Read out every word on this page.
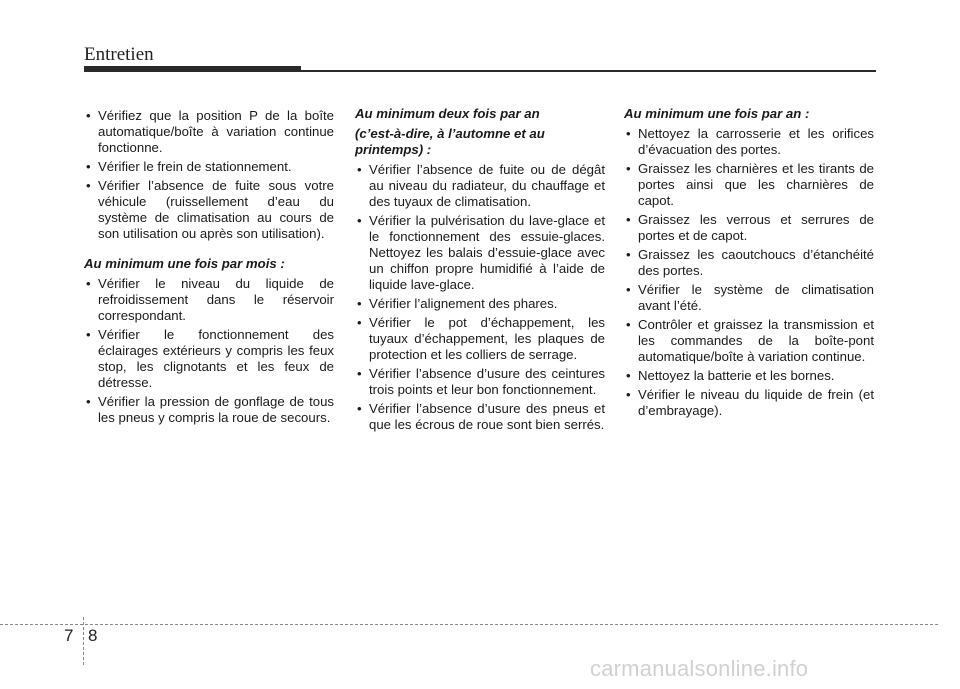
Entretien
• Vérifiez que la position P de la boîte automatique/boîte à variation continue fonctionne.
• Vérifier le frein de stationnement.
• Vérifier l’absence de fuite sous votre véhicule (ruissellement d’eau du système de climatisation au cours de son utilisation ou après son utilisation).
Au minimum une fois par mois :
• Vérifier le niveau du liquide de refroidissement dans le réservoir correspondant.
• Vérifier le fonctionnement des éclairages extérieurs y compris les feux stop, les clignotants et les feux de détresse.
• Vérifier la pression de gonflage de tous les pneus y compris la roue de secours.
Au minimum deux fois par an
(c’est-à-dire, à l’automne et au printemps) :
• Vérifier l’absence de fuite ou de dégât au niveau du radiateur, du chauffage et des tuyaux de climatisation.
• Vérifier la pulvérisation du lave-glace et le fonctionnement des essuie-glaces. Nettoyez les balais d’essuie-glace avec un chiffon propre humidifié à l’aide de liquide lave-glace.
• Vérifier l’alignement des phares.
• Vérifier le pot d’échappement, les tuyaux d’échappement, les plaques de protection et les colliers de serrage.
• Vérifier l’absence d’usure des ceintures trois points et leur bon fonctionnement.
• Vérifier l’absence d’usure des pneus et que les écrous de roue sont bien serrés.
Au minimum une fois par an :
• Nettoyez la carrosserie et les orifices d’évacuation des portes.
• Graissez les charnières et les tirants de portes ainsi que les charnières de capot.
• Graissez les verrous et serrures de portes et de capot.
• Graissez les caoutchoucs d’étanchéité des portes.
• Vérifier le système de climatisation avant l’été.
• Contrôler et graissez la transmission et les commandes de la boîte-pont automatique/boîte à variation continue.
• Nettoyez la batterie et les bornes.
• Vérifier le niveau du liquide de frein (et d’embrayage).
7 8
carmanualsonline.info
